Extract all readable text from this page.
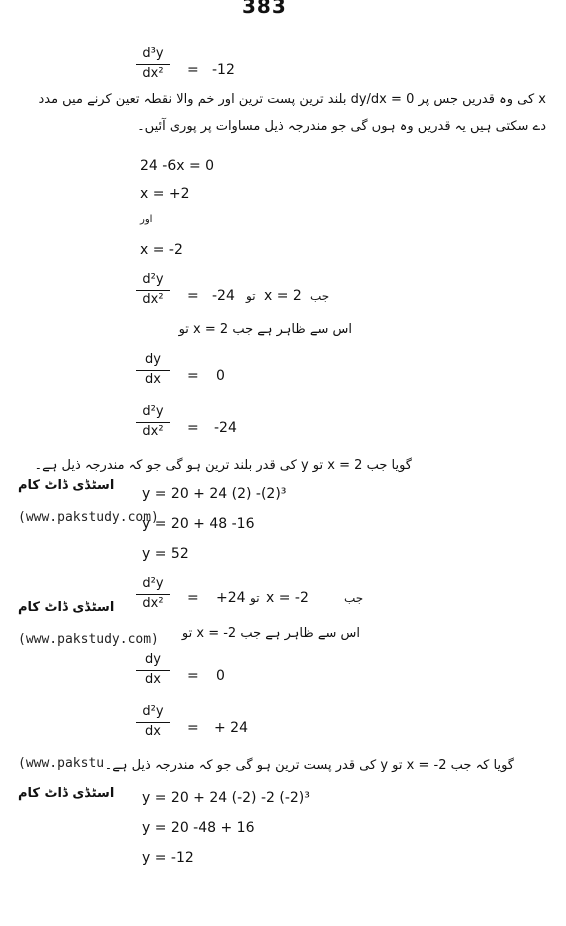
383
d³y
dx²	= -12
x کی وہ قدریں جس پر 0 = dy/dx بلند ترین پست ترین اور خم والا نقطہ تعین کرنے میں مدد
دے سکتی ہیں یہ قدریں وہ ہوں گی جو مندرجہ ذیل مساوات پر پوری آئیں۔
24 -6x = 0
x = +2
اور
x = -2
d²y
dx²	= -24 تو x = 2 جب
اس سے ظاہر ہے جب 2 = x تو
dy
dx	= 0
d²y
dx²	= -24
گویا جب 2 = x تو y کی قدر بلند ترین ہو گی جو کہ مندرجہ ذیل ہے۔
اسٹڈی ڈاٹ کام
(www.pakstudy.com)
y = 20 + 24 (2) -(2)³
y = 20 + 48 -16
y = 52
d²y
dx²	= +24 تو x = -2	جب
اسٹڈی ڈاٹ کام
(www.pakstudy.com) اس سے ظاہر ہے جب 2- = x تو
dy
dx	= 0
d²y
dx	= + 24
(www.pakstu گویا کہ جب 2- = x تو y کی قدر پست ترین ہو گی جو کہ مندرجہ ذیل ہے۔
اسٹڈی ڈاٹ کام y = 20 + 24 (-2) -2 (-2)³
y = 20 -48 + 16
y = -12
